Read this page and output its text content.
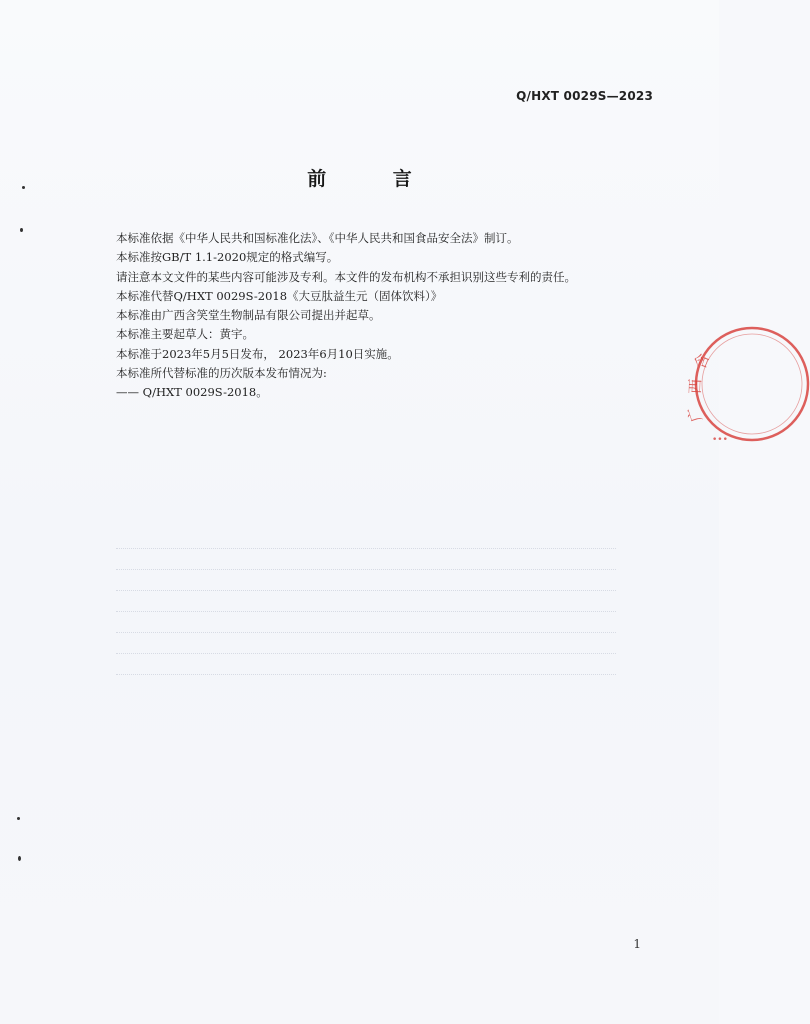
Q/HXT 0029S—2023
前 言

本标准依据《中华人民共和国标准化法》、《中华人民共和国食品安全法》制订。

本标准按GB/T 1.1-2020规定的格式编写。

请注意本文文件的某些内容可能涉及专利。本文件的发布机构不承担识别这些专利的责任。

本标准代替Q/HXT 0029S-2018《大豆肽益生元（固体饮料）》

本标准由广西含笑堂生物制品有限公司提出并起草。

本标准主要起草人：黄宇。

本标准于2023年5月5日发布， 2023年6月10日实施。

本标准所代替标准的历次版本发布情况为:

—— Q/HXT 0029S-2018。

含
西
广
•••
1
